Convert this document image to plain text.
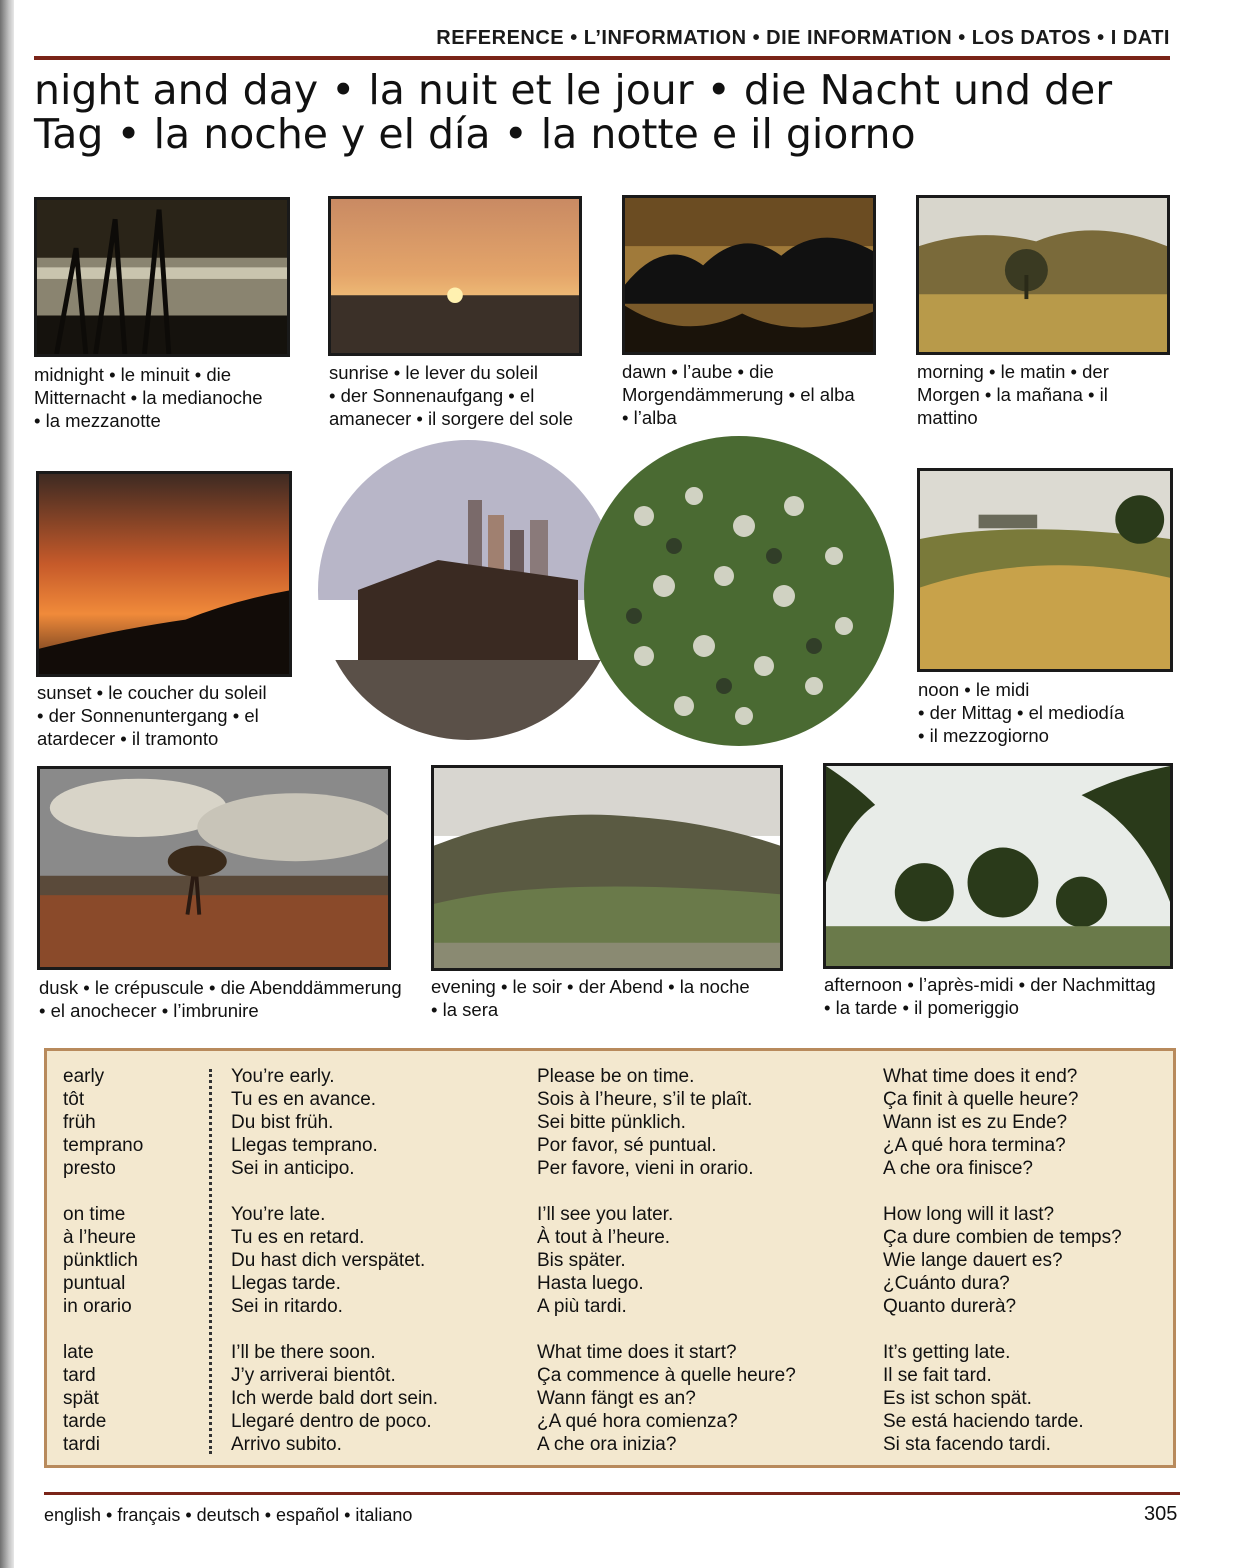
REFERENCE • L’INFORMATION • DIE INFORMATION • LOS DATOS • I DATI
night and day • la nuit et le jour • die Nacht und der Tag • la noche y el día • la notte e il giorno
midnight • le minuit • die
Mitternacht • la medianoche
• la mezzanotte
sunrise • le lever du soleil
• der Sonnenaufgang • el
amanecer • il sorgere del sole
dawn • l’aube • die
Morgendämmerung • el alba
• l’alba
morning • le matin • der
Morgen • la mañana • il
mattino
sunset • le coucher du soleil
• der Sonnenuntergang • el
atardecer • il tramonto
noon • le midi
• der Mittag • el mediodía
• il mezzogiorno
dusk • le crépuscule • die Abenddämmerung
• el anochecer • l’imbrunire
evening • le soir • der Abend • la noche
• la sera
afternoon • l’après-midi • der Nachmittag
• la tarde • il pomeriggio
early
tôt
früh
temprano
presto
on time
à l’heure
pünktlich
puntual
in orario
late
tard
spät
tarde
tardi
You’re early.
Tu es en avance.
Du bist früh.
Llegas temprano.
Sei in anticipo.
You’re late.
Tu es en retard.
Du hast dich verspätet.
Llegas tarde.
Sei in ritardo.
I’ll be there soon.
J’y arriverai bientôt.
Ich werde bald dort sein.
Llegaré dentro de poco.
Arrivo subito.
Please be on time.
Sois à l’heure, s’il te plaît.
Sei bitte pünklich.
Por favor, sé puntual.
Per favore, vieni in orario.
I’ll see you later.
À tout à l’heure.
Bis später.
Hasta luego.
A più tardi.
What time does it start?
Ça commence à quelle heure?
Wann fängt es an?
¿A qué hora comienza?
A che ora inizia?
What time does it end?
Ça finit à quelle heure?
Wann ist es zu Ende?
¿A qué hora termina?
A che ora finisce?
How long will it last?
Ça dure combien de temps?
Wie lange dauert es?
¿Cuánto dura?
Quanto durerà?
It’s getting late.
Il se fait tard.
Es ist schon spät.
Se está haciendo tarde.
Si sta facendo tardi.
english • français • deutsch • español • italiano	305
